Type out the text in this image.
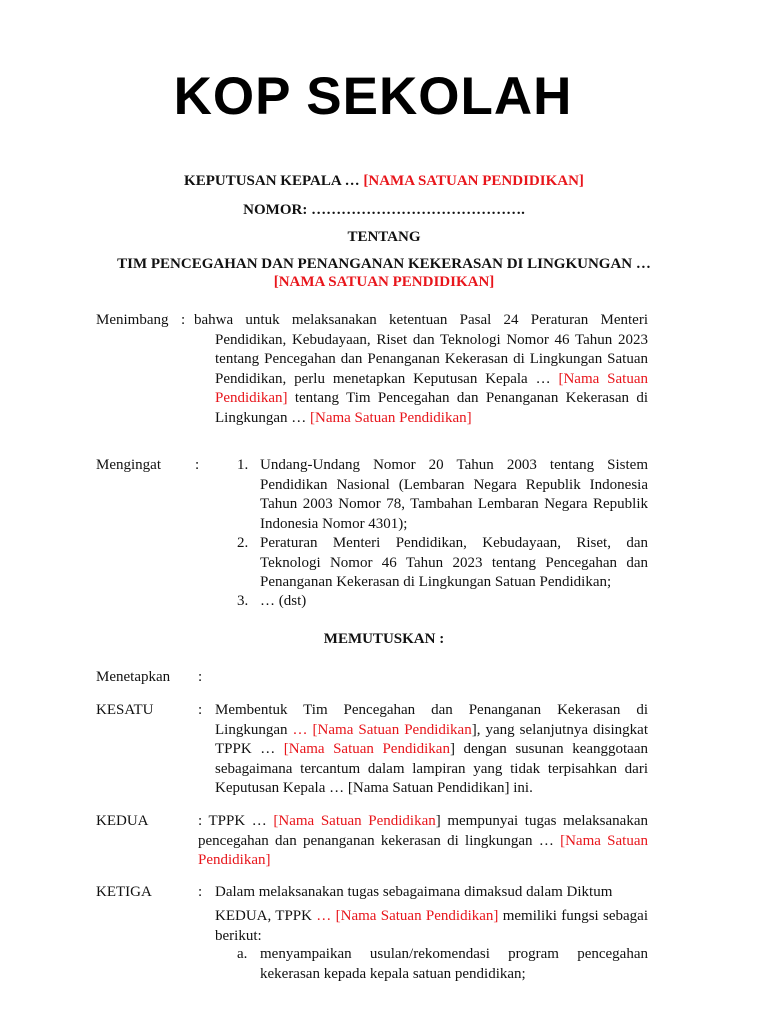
KOP SEKOLAH
KEPUTUSAN KEPALA … [NAMA SATUAN PENDIDIKAN]
NOMOR: …………………………………….
TENTANG
TIM PENCEGAHAN DAN PENANGANAN KEKERASAN DI LINGKUNGAN …
[NAMA SATUAN PENDIDIKAN]
Menimbang : bahwa untuk melaksanakan ketentuan Pasal 24 Peraturan Menteri Pendidikan, Kebudayaan, Riset dan Teknologi Nomor 46 Tahun 2023 tentang Pencegahan dan Penanganan Kekerasan di Lingkungan Satuan Pendidikan, perlu menetapkan Keputusan Kepala … [Nama Satuan Pendidikan] tentang Tim Pencegahan dan Penanganan Kekerasan di Lingkungan … [Nama Satuan Pendidikan]
Mengingat :	1. Undang-Undang Nomor 20 Tahun 2003 tentang Sistem Pendidikan Nasional (Lembaran Negara Republik Indonesia Tahun 2003 Nomor 78, Tambahan Lembaran Negara Republik Indonesia Nomor 4301);
2. Peraturan Menteri Pendidikan, Kebudayaan, Riset, dan Teknologi Nomor 46 Tahun 2023 tentang Pencegahan dan Penanganan Kekerasan di Lingkungan Satuan Pendidikan;
3. … (dst)
MEMUTUSKAN :
Menetapkan :
KESATU	: Membentuk Tim Pencegahan dan Penanganan Kekerasan di Lingkungan … [Nama Satuan Pendidikan], yang selanjutnya disingkat TPPK … [Nama Satuan Pendidikan] dengan susunan keanggotaan sebagaimana tercantum dalam lampiran yang tidak terpisahkan dari Keputusan Kepala … [Nama Satuan Pendidikan] ini.
KEDUA	: TPPK … [Nama Satuan Pendidikan] mempunyai tugas melaksanakan pencegahan dan penanganan kekerasan di lingkungan … [Nama Satuan Pendidikan]
KETIGA	: Dalam melaksanakan tugas sebagaimana dimaksud dalam Diktum
KEDUA, TPPK … [Nama Satuan Pendidikan] memiliki fungsi sebagai berikut:
a. menyampaikan usulan/rekomendasi program pencegahan kekerasan kepada kepala satuan pendidikan;
